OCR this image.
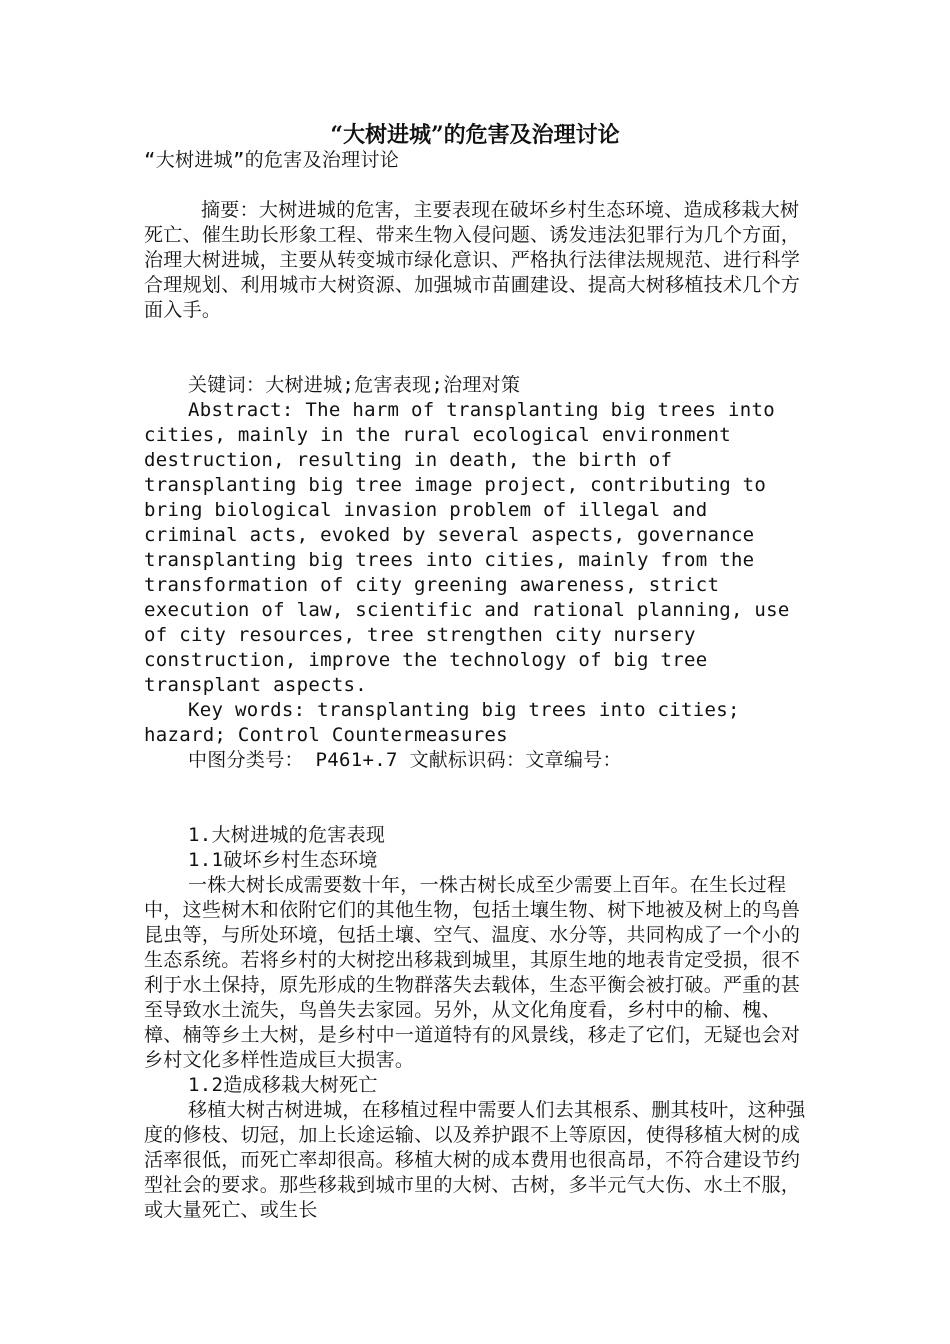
“大树进城”的危害及治理讨论

“大树进城”的危害及治理讨论

摘要：大树进城的危害，主要表现在破坏乡村生态环境、造成移栽大树死亡、催生助长形象工程、带来生物入侵问题、诱发违法犯罪行为几个方面，治理大树进城，主要从转变城市绿化意识、严格执行法律法规规范、进行科学合理规划、利用城市大树资源、加强城市苗圃建设、提高大树移植技术几个方面入手。

关键词：大树进城;危害表现;治理对策

Abstract: The harm of transplanting big trees into cities, mainly in the rural ecological environment destruction, resulting in death, the birth of transplanting big tree image project, contributing to bring biological invasion problem of illegal and criminal acts, evoked by several aspects, governance transplanting big trees into cities, mainly from the transformation of city greening awareness, strict execution of law, scientific and rational planning, use of city resources, tree strengthen city nursery construction, improve the technology of big tree transplant aspects.

Key words: transplanting big trees into cities; hazard; Control Countermeasures

中图分类号： P461+.7 文献标识码：文章编号：

1.大树进城的危害表现

1.1破坏乡村生态环境

一株大树长成需要数十年，一株古树长成至少需要上百年。在生长过程中，这些树木和依附它们的其他生物，包括土壤生物、树下地被及树上的鸟兽昆虫等，与所处环境，包括土壤、空气、温度、水分等，共同构成了一个小的生态系统。若将乡村的大树挖出移栽到城里，其原生地的地表肯定受损，很不利于水土保持，原先形成的生物群落失去载体，生态平衡会被打破。严重的甚至导致水土流失，鸟兽失去家园。另外，从文化角度看，乡村中的榆、槐、樟、楠等乡土大树，是乡村中一道道特有的风景线，移走了它们，无疑也会对乡村文化多样性造成巨大损害。

1.2造成移栽大树死亡

移植大树古树进城，在移植过程中需要人们去其根系、删其枝叶，这种强度的修枝、切冠，加上长途运输、以及养护跟不上等原因，使得移植大树的成活率很低，而死亡率却很高。移植大树的成本费用也很高昂，不符合建设节约型社会的要求。那些移栽到城市里的大树、古树，多半元气大伤、水土不服，或大量死亡、或生长
